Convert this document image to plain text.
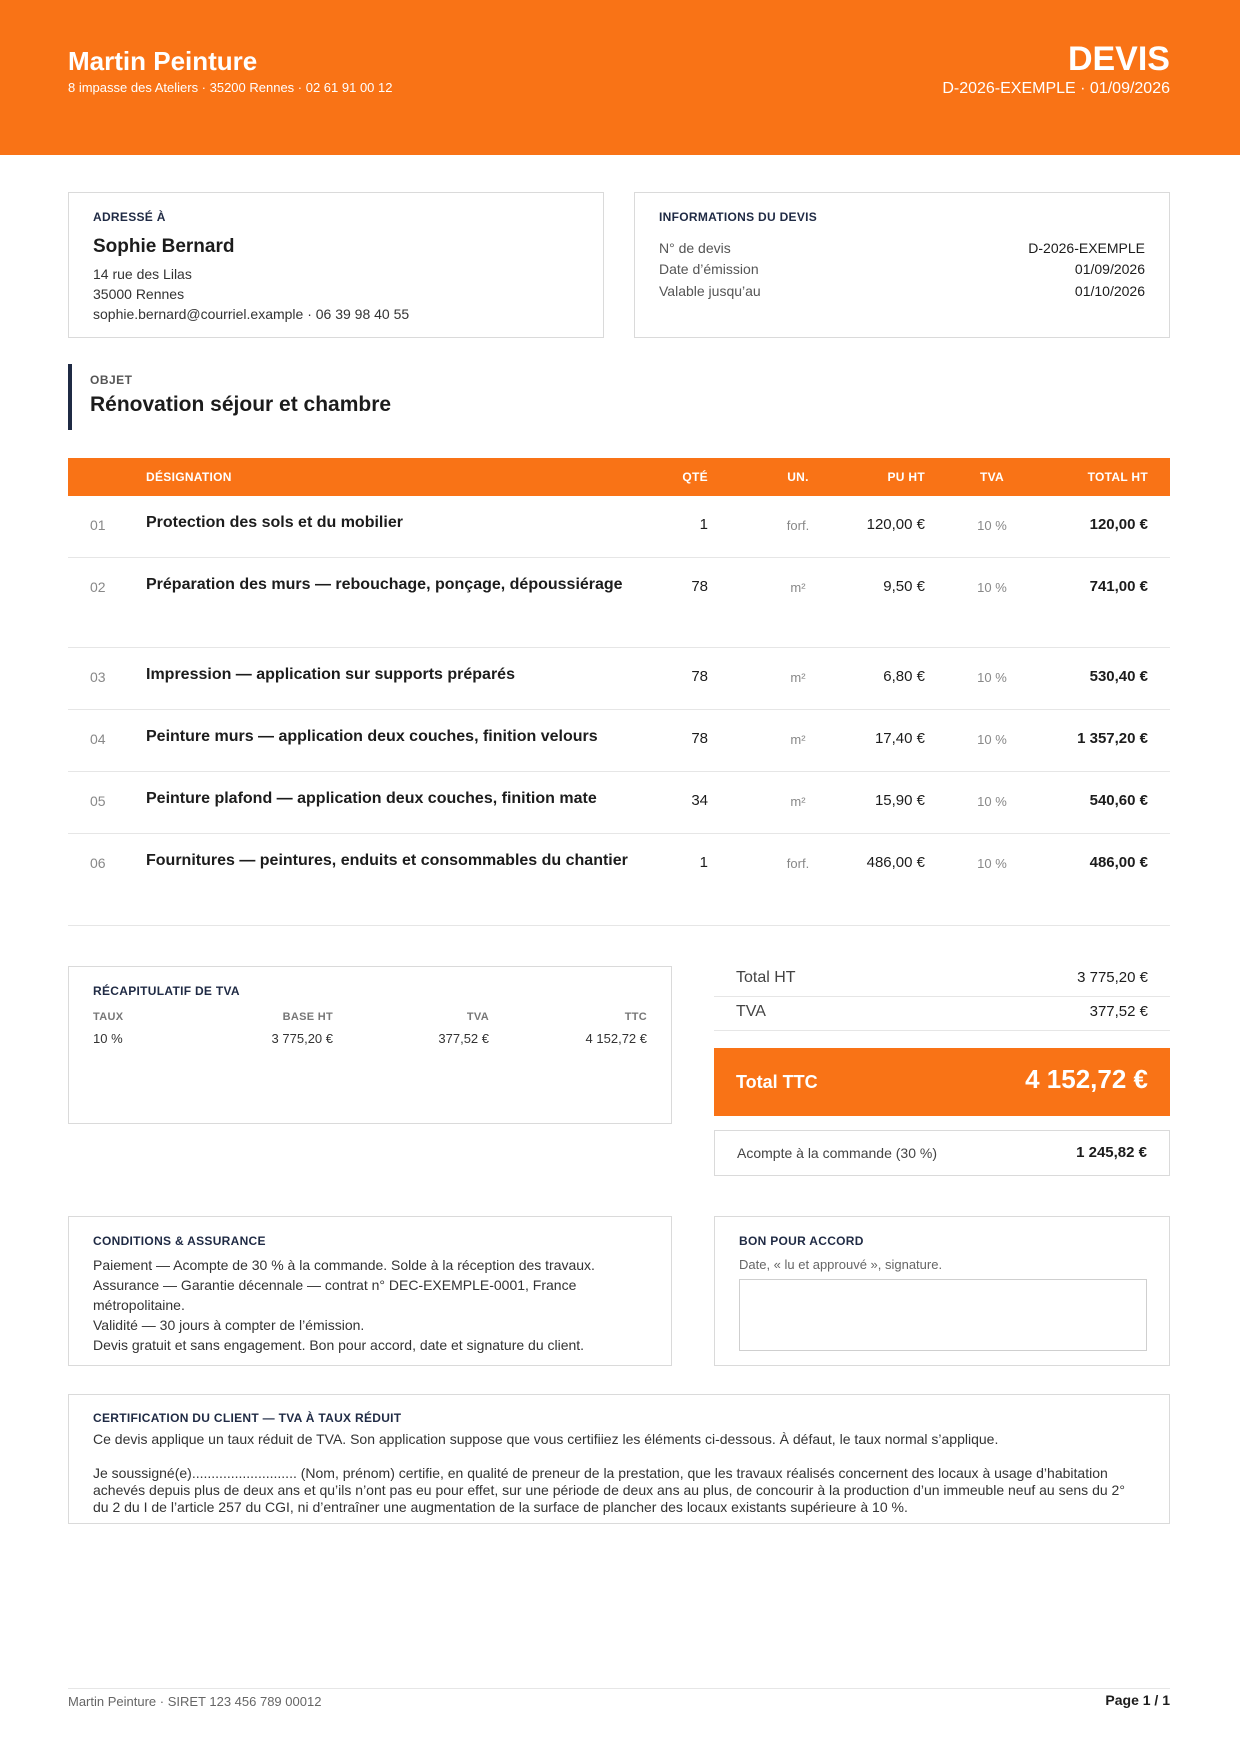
Martin Peinture
8 impasse des Ateliers · 35200 Rennes · 02 61 91 00 12
DEVIS
D-2026-EXEMPLE · 01/09/2026
ADRESSÉ À
Sophie Bernard
14 rue des Lilas
35000 Rennes
sophie.bernard@courriel.example · 06 39 98 40 55
INFORMATIONS DU DEVIS
N° de devis	D-2026-EXEMPLE
Date d’émission	01/09/2026
Valable jusqu’au	01/10/2026
OBJET
Rénovation séjour et chambre
DÉSIGNATION	QTÉ	UN.	PU HT	TVA	TOTAL HT
01	Protection des sols et du mobilier	1	forf.	120,00 €	10 %	120,00 €
02	Préparation des murs — rebouchage, ponçage, dépoussiérage	78	m²	9,50 €	10 %	741,00 €
03	Impression — application sur supports préparés	78	m²	6,80 €	10 %	530,40 €
04	Peinture murs — application deux couches, finition velours	78	m²	17,40 €	10 %	1 357,20 €
05	Peinture plafond — application deux couches, finition mate	34	m²	15,90 €	10 %	540,60 €
06	Fournitures — peintures, enduits et consommables du chantier	1	forf.	486,00 €	10 %	486,00 €
RÉCAPITULATIF DE TVA
TAUX	BASE HT	TVA	TTC
10 %	3 775,20 €	377,52 €	4 152,72 €
Total HT	3 775,20 €
TVA	377,52 €
Total TTC	4 152,72 €
Acompte à la commande (30 %)	1 245,82 €
CONDITIONS & ASSURANCE
Paiement — Acompte de 30 % à la commande. Solde à la réception des travaux.
Assurance — Garantie décennale — contrat n° DEC-EXEMPLE-0001, France métropolitaine.
Validité — 30 jours à compter de l’émission.
Devis gratuit et sans engagement. Bon pour accord, date et signature du client.
BON POUR ACCORD
Date, « lu et approuvé », signature.
CERTIFICATION DU CLIENT — TVA À TAUX RÉDUIT
Ce devis applique un taux réduit de TVA. Son application suppose que vous certifiiez les éléments ci-dessous. À défaut, le taux normal s’applique.
Je soussigné(e)........................... (Nom, prénom) certifie, en qualité de preneur de la prestation, que les travaux réalisés concernent des locaux à usage d’habitation achevés depuis plus de deux ans et qu’ils n’ont pas eu pour effet, sur une période de deux ans au plus, de concourir à la production d’un immeuble neuf au sens du 2° du 2 du I de l’article 257 du CGI, ni d’entraîner une augmentation de la surface de plancher des locaux existants supérieure à 10 %.
Martin Peinture · SIRET 123 456 789 00012	Page 1 / 1
